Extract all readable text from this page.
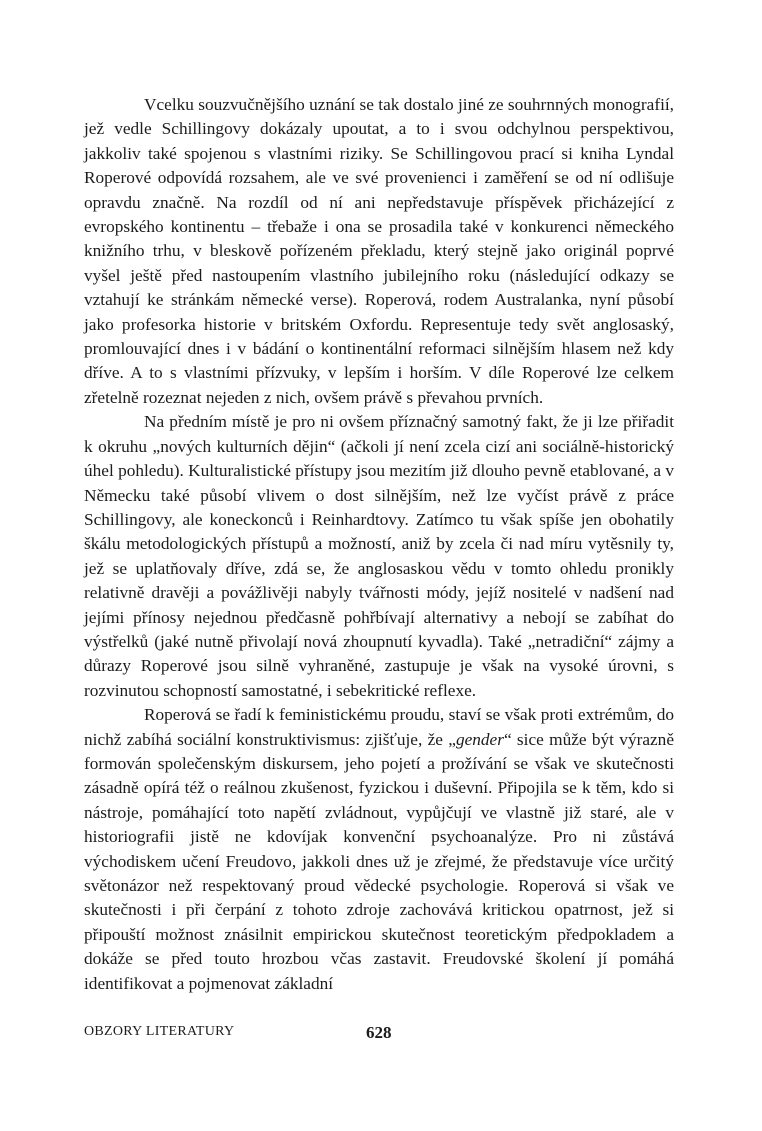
Vcelku souzvučnějšího uznání se tak dostalo jiné ze souhrnných monografií, jež vedle Schillingovy dokázaly upoutat, a to i svou odchylnou perspektivou, jakkoliv také spojenou s vlastními riziky. Se Schillingovou prací si kniha Lyndal Roperové odpovídá rozsahem, ale ve své provenienci i zaměření se od ní odlišuje opravdu značně. Na rozdíl od ní ani nepředstavuje příspěvek přicházející z evropského kontinentu – třebaže i ona se prosadila také v konkurenci německého knižního trhu, v bleskově pořízeném překladu, který stejně jako originál poprvé vyšel ještě před nastoupením vlastního jubilejního roku (následující odkazy se vztahují ke stránkám německé verse). Roperová, rodem Australanka, nyní působí jako profesorka historie v britském Oxfordu. Representuje tedy svět anglosaský, promlouvající dnes i v bádání o kontinentální reformaci silnějším hlasem než kdy dříve. A to s vlastními přízvuky, v lepším i horším. V díle Roperové lze celkem zřetelně rozeznat nejeden z nich, ovšem právě s převahou prvních.

Na předním místě je pro ni ovšem příznačný samotný fakt, že ji lze přiřadit k okruhu „nových kulturních dějin“ (ačkoli jí není zcela cizí ani sociálně-historický úhel pohledu). Kulturalistické přístupy jsou mezitím již dlouho pevně etablované, a v Německu také působí vlivem o dost silnějším, než lze vyčíst právě z práce Schillingovy, ale koneckonců i Reinhardtovy. Zatímco tu však spíše jen obohatily škálu metodologických přístupů a možností, aniž by zcela či nad míru vytěsnily ty, jež se uplatňovaly dříve, zdá se, že anglosaskou vědu v tomto ohledu pronikly relativně dravěji a povážlivěji nabyly tvářnosti módy, jejíž nositelé v nadšení nad jejími přínosy nejednou předčasně pohřbívají alternativy a nebojí se zabíhat do výstřelků (jaké nutně přivolají nová zhoupnutí kyvadla). Také „netradiční“ zájmy a důrazy Roperové jsou silně vyhraněné, zastupuje je však na vysoké úrovni, s rozvinutou schopností samostatné, i sebekritické reflexe.

Roperová se řadí k feministickému proudu, staví se však proti extrémům, do nichž zabíhá sociální konstruktivismus: zjišťuje, že „gender“ sice může být výrazně formován společenským diskursem, jeho pojetí a prožívání se však ve skutečnosti zásadně opírá též o reálnou zkušenost, fyzickou i duševní. Připojila se k těm, kdo si nástroje, pomáhající toto napětí zvládnout, vypůjčují ve vlastně již staré, ale v historiografii jistě ne kdovíjak konvenční psychoanalýze. Pro ni zůstává východiskem učení Freudovo, jakkoli dnes už je zřejmé, že představuje více určitý světonázor než respektovaný proud vědecké psychologie. Roperová si však ve skutečnosti i při čerpání z tohoto zdroje zachovává kritickou opatrnost, jež si připouští možnost znásilnit empirickou skutečnost teoretickým předpokladem a dokáže se před touto hrozbou včas zastavit. Freudovské školení jí pomáhá identifikovat a pojmenovat základní

OBZORY LITERATURY	628
